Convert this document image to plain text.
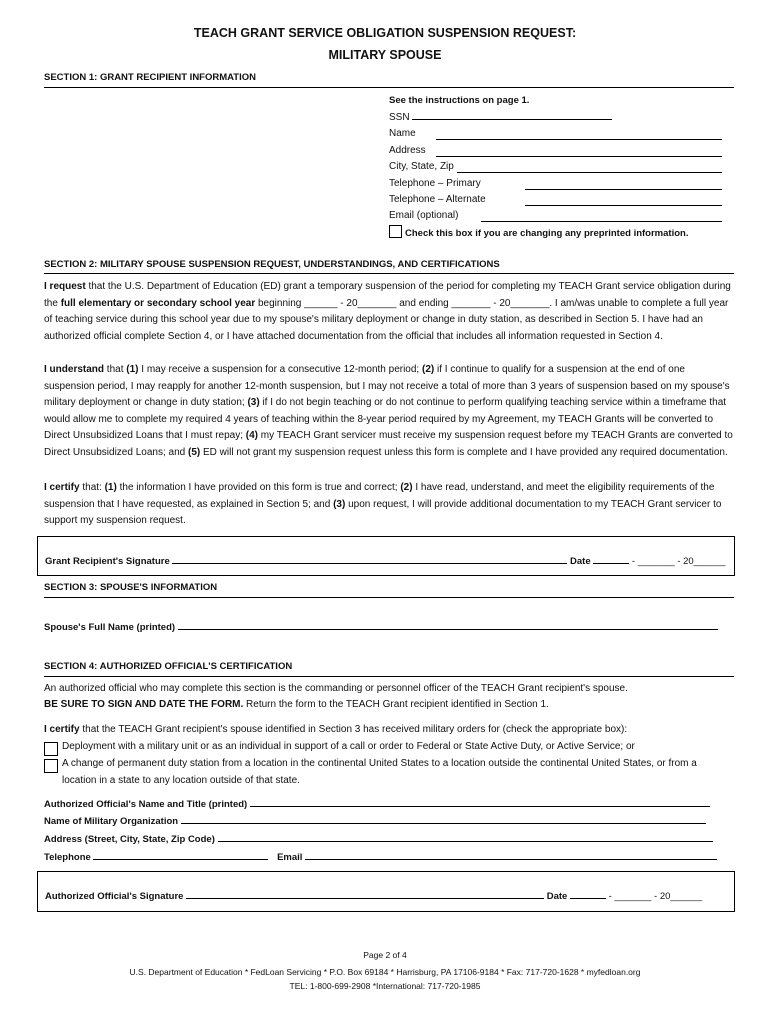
TEACH GRANT SERVICE OBLIGATION SUSPENSION REQUEST:
MILITARY SPOUSE
SECTION 1: GRANT RECIPIENT INFORMATION
See the instructions on page 1.
SSN
Name
Address
City, State, Zip
Telephone – Primary
Telephone – Alternate
Email (optional)
Check this box if you are changing any preprinted information.
SECTION 2: MILITARY SPOUSE SUSPENSION REQUEST, UNDERSTANDINGS, AND CERTIFICATIONS
I request that the U.S. Department of Education (ED) grant a temporary suspension of the period for completing my TEACH Grant service obligation during the full elementary or secondary school year beginning ______ - 20_______ and ending _______ - 20_______. I am/was unable to complete a full year of teaching service during this school year due to my spouse's military deployment or change in duty station, as described in Section 5. I have had an authorized official complete Section 4, or I have attached documentation from the official that includes all information requested in Section 4.
I understand that (1) I may receive a suspension for a consecutive 12-month period; (2) if I continue to qualify for a suspension at the end of one suspension period, I may reapply for another 12-month suspension, but I may not receive a total of more than 3 years of suspension based on my spouse's military deployment or change in duty station; (3) if I do not begin teaching or do not continue to perform qualifying teaching service within a timeframe that would allow me to complete my required 4 years of teaching within the 8-year period required by my Agreement, my TEACH Grants will be converted to Direct Unsubsidized Loans that I must repay; (4) my TEACH Grant servicer must receive my suspension request before my TEACH Grants are converted to Direct Unsubsidized Loans; and (5) ED will not grant my suspension request unless this form is complete and I have provided any required documentation.
I certify that: (1) the information I have provided on this form is true and correct; (2) I have read, understand, and meet the eligibility requirements of the suspension that I have requested, as explained in Section 5; and (3) upon request, I will provide additional documentation to my TEACH Grant servicer to support my suspension request.
Grant Recipient's Signature	Date	- _______ - 20______
SECTION 3: SPOUSE'S INFORMATION
Spouse's Full Name (printed)
SECTION 4: AUTHORIZED OFFICIAL'S CERTIFICATION
An authorized official who may complete this section is the commanding or personnel officer of the TEACH Grant recipient's spouse.
BE SURE TO SIGN AND DATE THE FORM. Return the form to the TEACH Grant recipient identified in Section 1.
I certify that the TEACH Grant recipient's spouse identified in Section 3 has received military orders for (check the appropriate box):
Deployment with a military unit or as an individual in support of a call or order to Federal or State Active Duty, or Active Service; or
A change of permanent duty station from a location in the continental United States to a location outside the continental United States, or from a location in a state to any location outside of that state.
Authorized Official's Name and Title (printed)
Name of Military Organization
Address (Street, City, State, Zip Code)
Telephone	Email
Authorized Official's Signature	Date	- _______ - 20______
Page 2 of 4
U.S. Department of Education * FedLoan Servicing * P.O. Box 69184 * Harrisburg, PA 17106-9184 * Fax: 717-720-1628 * myfedloan.org
TEL: 1-800-699-2908 *International: 717-720-1985
